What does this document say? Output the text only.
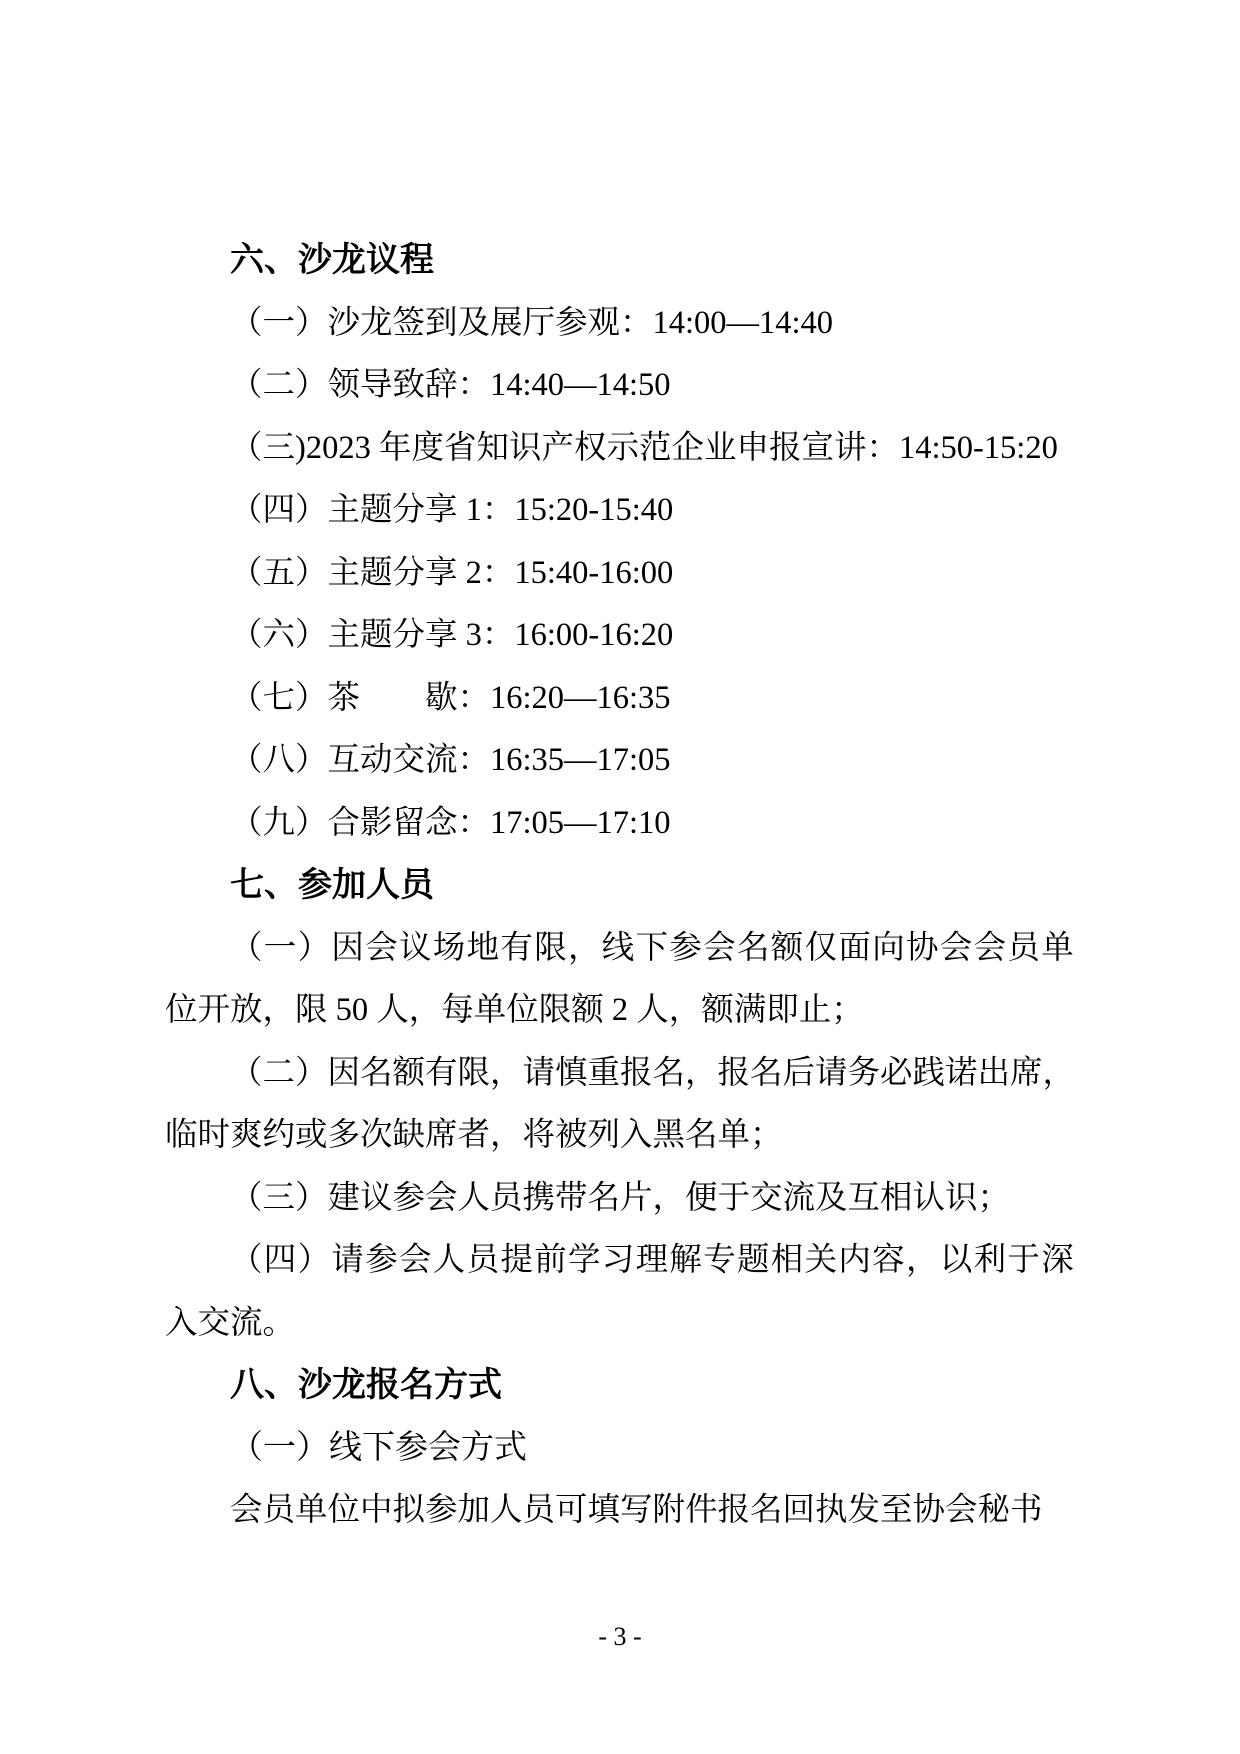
六、沙龙议程
（一）沙龙签到及展厅参观：14:00—14:40
（二）领导致辞：14:40—14:50
（三)2023 年度省知识产权示范企业申报宣讲：14:50-15:20
（四）主题分享 1：15:20-15:40
（五）主题分享 2：15:40-16:00
（六）主题分享 3：16:00-16:20
（七）茶　　歇：16:20—16:35
（八）互动交流：16:35—17:05
（九）合影留念：17:05—17:10
七、参加人员
（一）因会议场地有限，线下参会名额仅面向协会会员单
位开放，限 50 人，每单位限额 2 人，额满即止；
（二）因名额有限，请慎重报名，报名后请务必践诺出席，
临时爽约或多次缺席者，将被列入黑名单；
（三）建议参会人员携带名片，便于交流及互相认识；
（四）请参会人员提前学习理解专题相关内容，以利于深
入交流。
八、沙龙报名方式
（一）线下参会方式
会员单位中拟参加人员可填写附件报名回执发至协会秘书
- 3 -
